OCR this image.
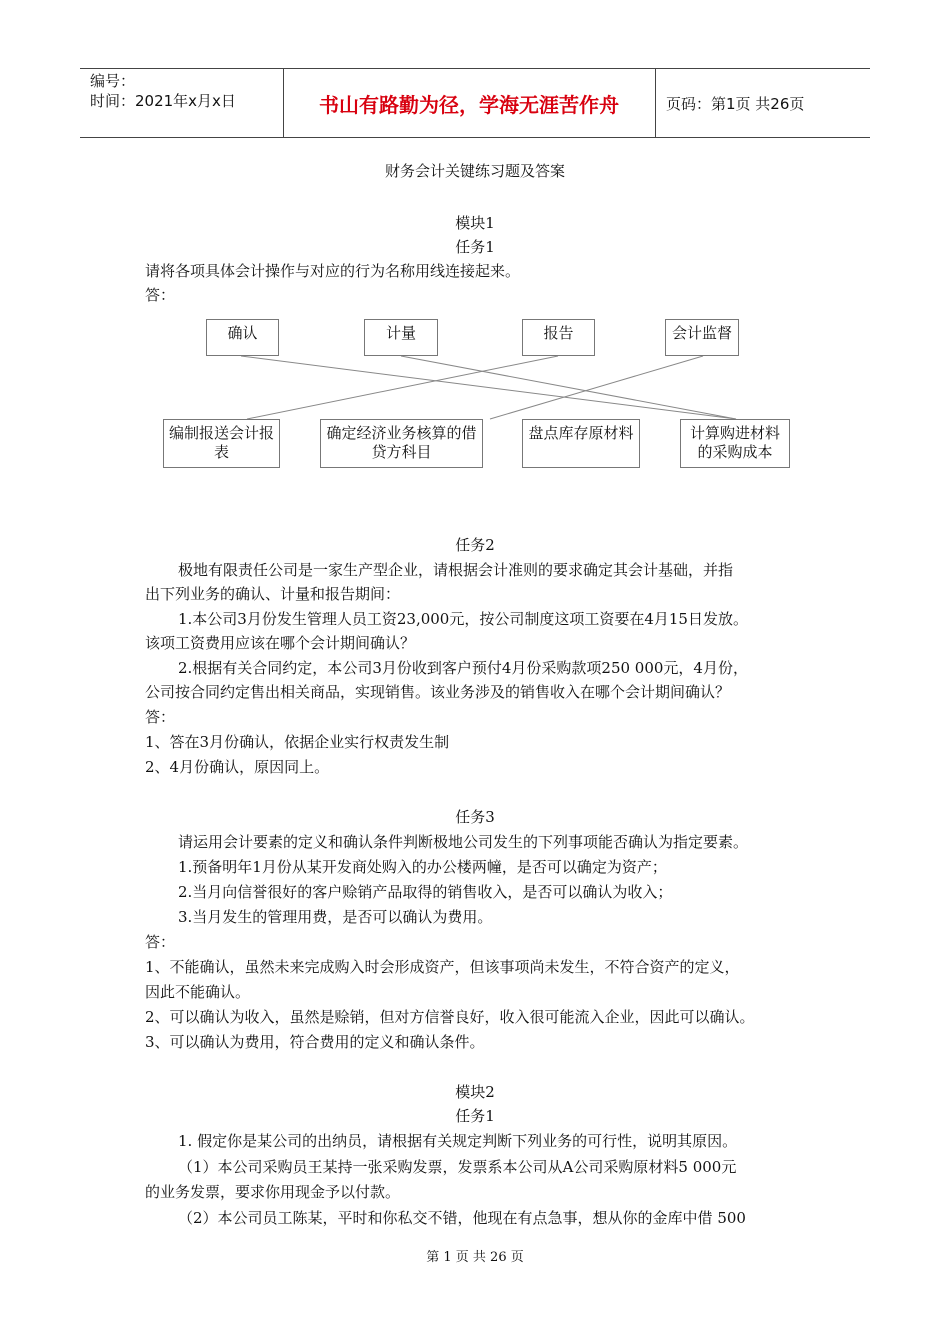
编号：
时间：2021年x月x日	书山有路勤为径，学海无涯苦作舟	页码：第1页 共26页
财务会计关键练习题及答案
模块1
任务1
请将各项具体会计操作与对应的行为名称用线连接起来。
答：
确认	计量	报告	会计监督
编制报送会计报
表
确定经济业务核算的借
贷方科目
盘点库存原材料	计算购进材料
的采购成本
任务2
极地有限责任公司是一家生产型企业，请根据会计准则的要求确定其会计基础，并指
出下列业务的确认、计量和报告期间：
1.本公司3月份发生管理人员工资23,000元，按公司制度这项工资要在4月15日发放。
该项工资费用应该在哪个会计期间确认？
2.根据有关合同约定，本公司3月份收到客户预付4月份采购款项250 000元，4月份，
公司按合同约定售出相关商品，实现销售。该业务涉及的销售收入在哪个会计期间确认？
答：
1、答在3月份确认，依据企业实行权责发生制
2、4月份确认，原因同上。
任务3
请运用会计要素的定义和确认条件判断极地公司发生的下列事项能否确认为指定要素。
1.预备明年1月份从某开发商处购入的办公楼两幢，是否可以确定为资产；
2.当月向信誉很好的客户赊销产品取得的销售收入，是否可以确认为收入；
3.当月发生的管理用费，是否可以确认为费用。
答：
1、不能确认，虽然未来完成购入时会形成资产，但该事项尚未发生，不符合资产的定义，
因此不能确认。
2、可以确认为收入，虽然是赊销，但对方信誉良好，收入很可能流入企业，因此可以确认。
3、可以确认为费用，符合费用的定义和确认条件。
模块2
任务1
1. 假定你是某公司的出纳员，请根据有关规定判断下列业务的可行性，说明其原因。
（1）本公司采购员王某持一张采购发票，发票系本公司从A公司采购原材料5 000元
的业务发票，要求你用现金予以付款。
（2）本公司员工陈某，平时和你私交不错，他现在有点急事，想从你的金库中借 500
第 1 页 共 26 页
